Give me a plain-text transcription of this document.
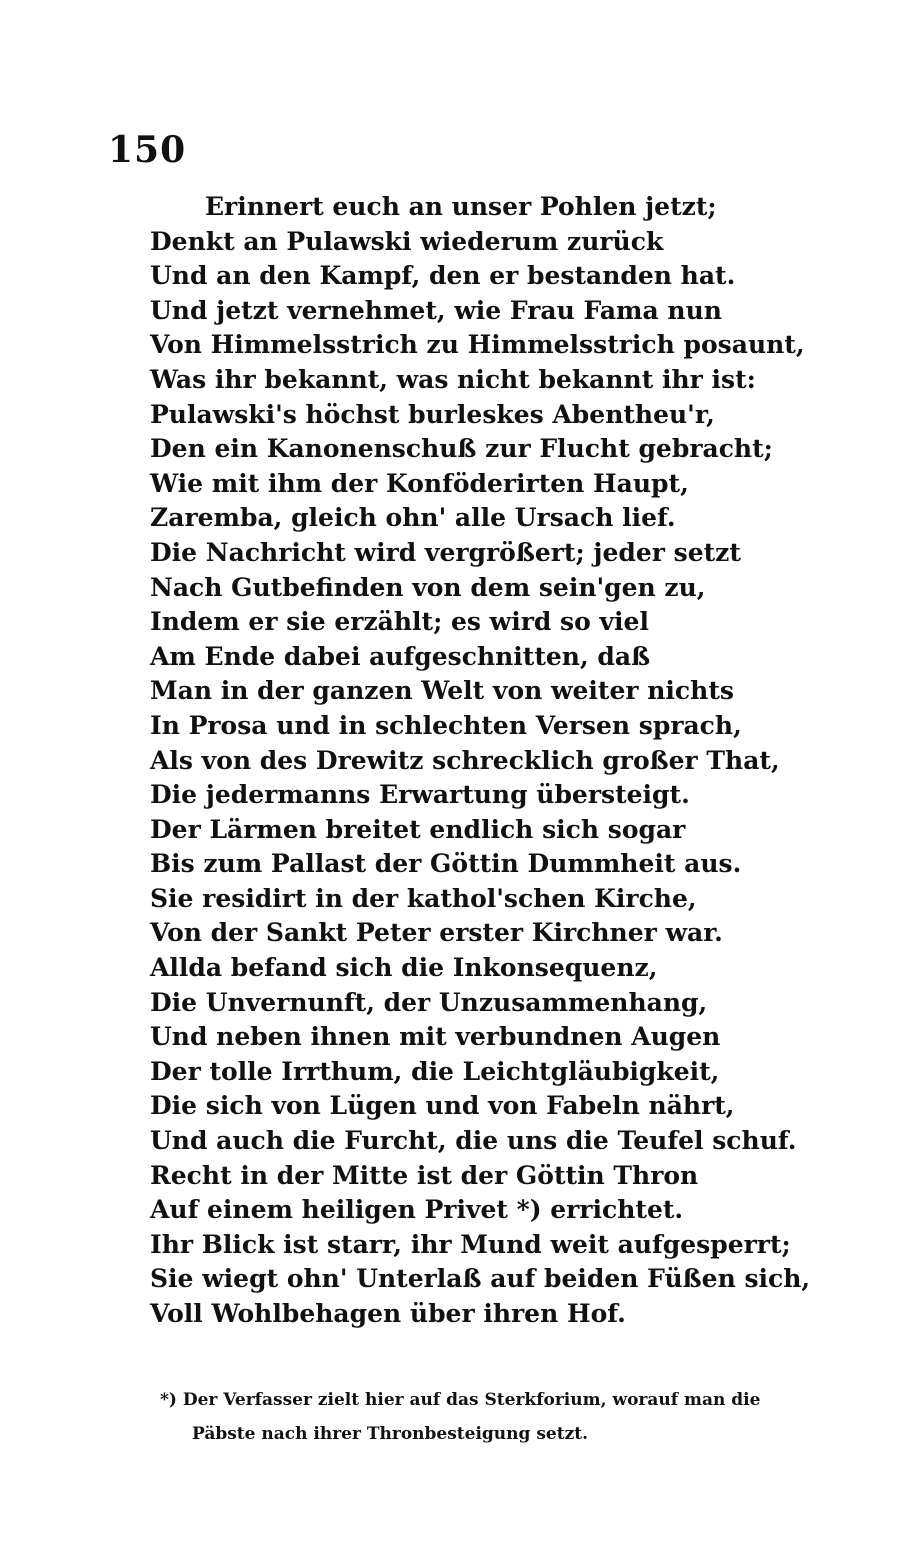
150
Erinnert euch an unser Pohlen jetzt;
Denkt an Pulawski wiederum zurück
Und an den Kampf, den er bestanden hat.
Und jetzt vernehmet, wie Frau Fama nun
Von Himmelsstrich zu Himmelsstrich posaunt,
Was ihr bekannt, was nicht bekannt ihr ist:
Pulawski's höchst burleskes Abentheu'r,
Den ein Kanonenschuß zur Flucht gebracht;
Wie mit ihm der Konföderirten Haupt,
Zaremba, gleich ohn' alle Ursach lief.
Die Nachricht wird vergrößert; jeder setzt
Nach Gutbefinden von dem sein'gen zu,
Indem er sie erzählt; es wird so viel
Am Ende dabei aufgeschnitten, daß
Man in der ganzen Welt von weiter nichts
In Prosa und in schlechten Versen sprach,
Als von des Drewitz schrecklich großer That,
Die jedermanns Erwartung übersteigt.
Der Lärmen breitet endlich sich sogar
Bis zum Pallast der Göttin Dummheit aus.
Sie residirt in der kathol'schen Kirche,
Von der Sankt Peter erster Kirchner war.
Allda befand sich die Inkonsequenz,
Die Unvernunft, der Unzusammenhang,
Und neben ihnen mit verbundnen Augen
Der tolle Irrthum, die Leichtgläubigkeit,
Die sich von Lügen und von Fabeln nährt,
Und auch die Furcht, die uns die Teufel schuf.
Recht in der Mitte ist der Göttin Thron
Auf einem heiligen Privet *) errichtet.
Ihr Blick ist starr, ihr Mund weit aufgesperrt;
Sie wiegt ohn' Unterlaß auf beiden Füßen sich,
Voll Wohlbehagen über ihren Hof.
*) Der Verfasser zielt hier auf das Sterkforium, worauf man die
Päbste nach ihrer Thronbesteigung setzt.
